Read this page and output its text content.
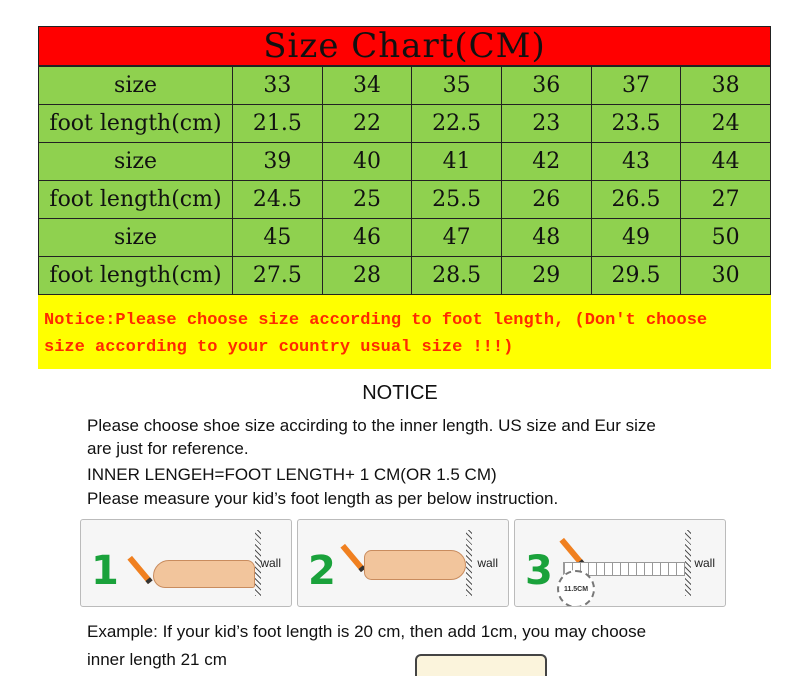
Size Chart(CM)
size	33	34	35	36	37	38
foot length(cm)	21.5	22	22.5	23	23.5	24
size	39	40	41	42	43	44
foot length(cm)	24.5	25	25.5	26	26.5	27
size	45	46	47	48	49	50
foot length(cm)	27.5	28	28.5	29	29.5	30
Notice:Please choose size according to foot length, (Don't choose
size according to your country usual size !!!)
NOTICE
Please choose shoe size accirding to the inner length. US size and Eur size
are just for reference.
INNER LENGEH=FOOT LENGTH+ 1 CM(OR 1.5 CM)
Please measure your kid’s foot length as per below instruction.
1	wall 2	wall 3	11.5CM
wall
Example: If your kid’s foot length is 20 cm, then add 1cm, you may choose
inner length 21 cm
